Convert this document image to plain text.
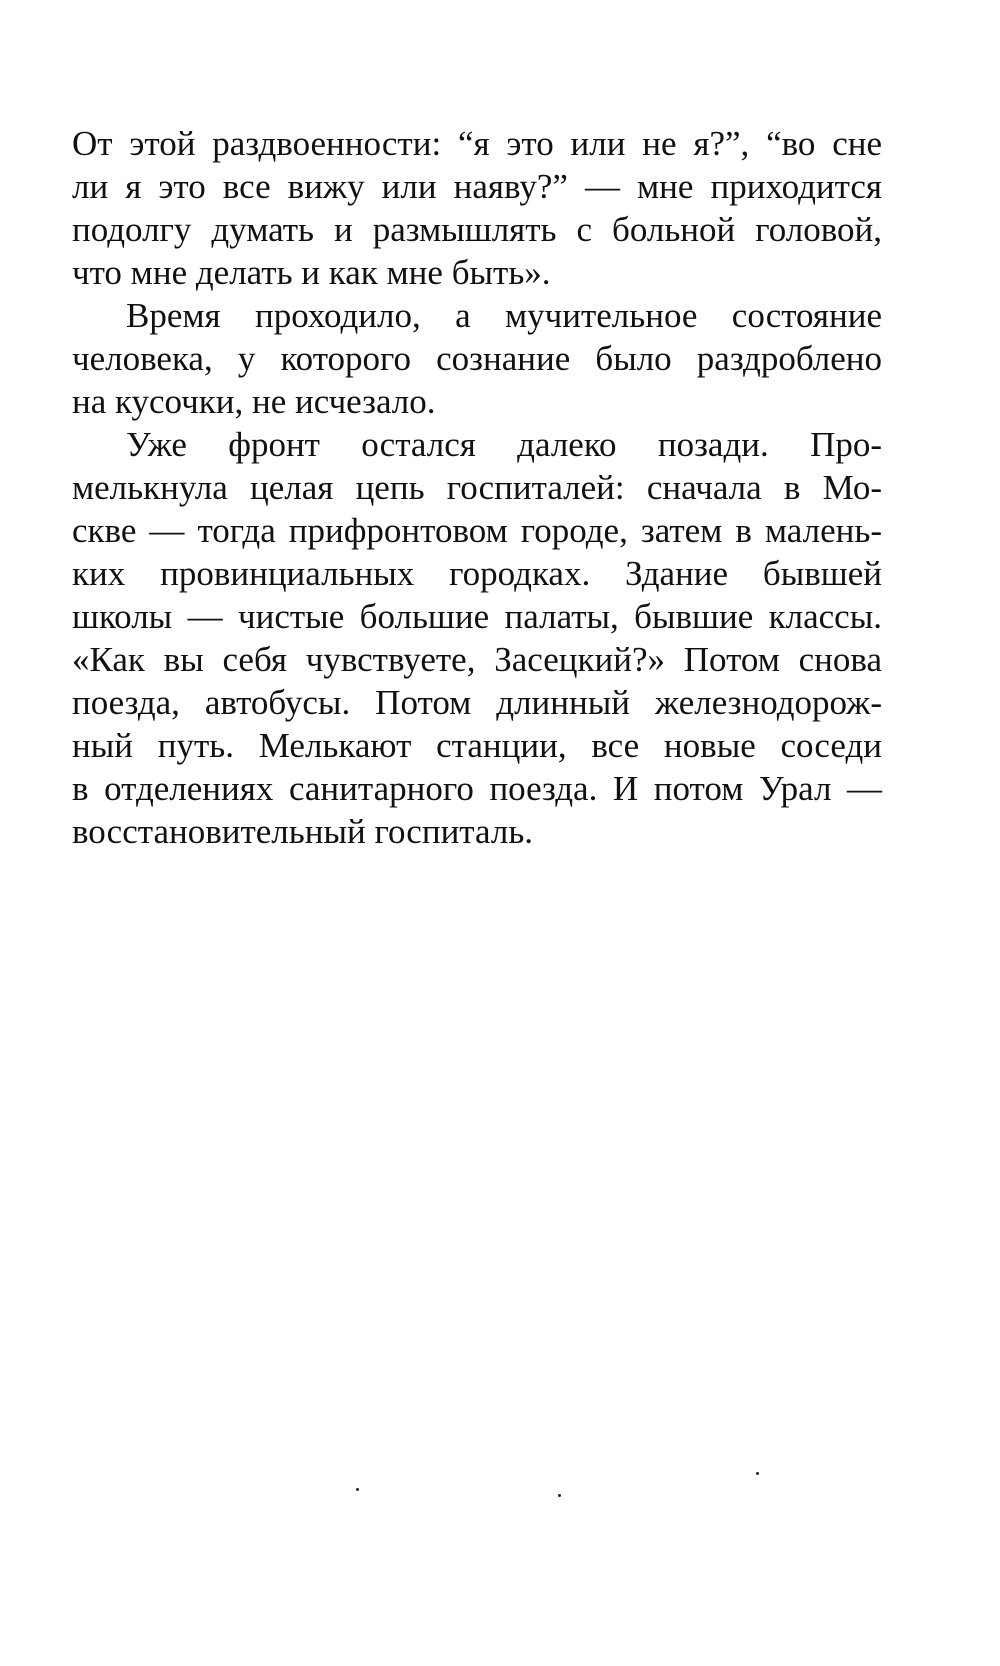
От этой раздвоенности: “я это или не я?”, “во сне
ли я это все вижу или наяву?” — мне приходится
подолгу думать и размышлять с больной головой,
что мне делать и как мне быть».
Время проходило, а мучительное состояние
человека, у которого сознание было раздроблено
на кусочки, не исчезало.
Уже фронт остался далеко позади. Про-
мелькнула целая цепь госпиталей: сначала в Мо-
скве — тогда прифронтовом городе, затем в малень-
ких провинциальных городках. Здание бывшей
школы — чистые большие палаты, бывшие классы.
«Как вы себя чувствуете, Засецкий?» Потом снова
поезда, автобусы. Потом длинный железнодорож-
ный путь. Мелькают станции, все новые соседи
в отделениях санитарного поезда. И потом Урал —
восстановительный госпиталь.
